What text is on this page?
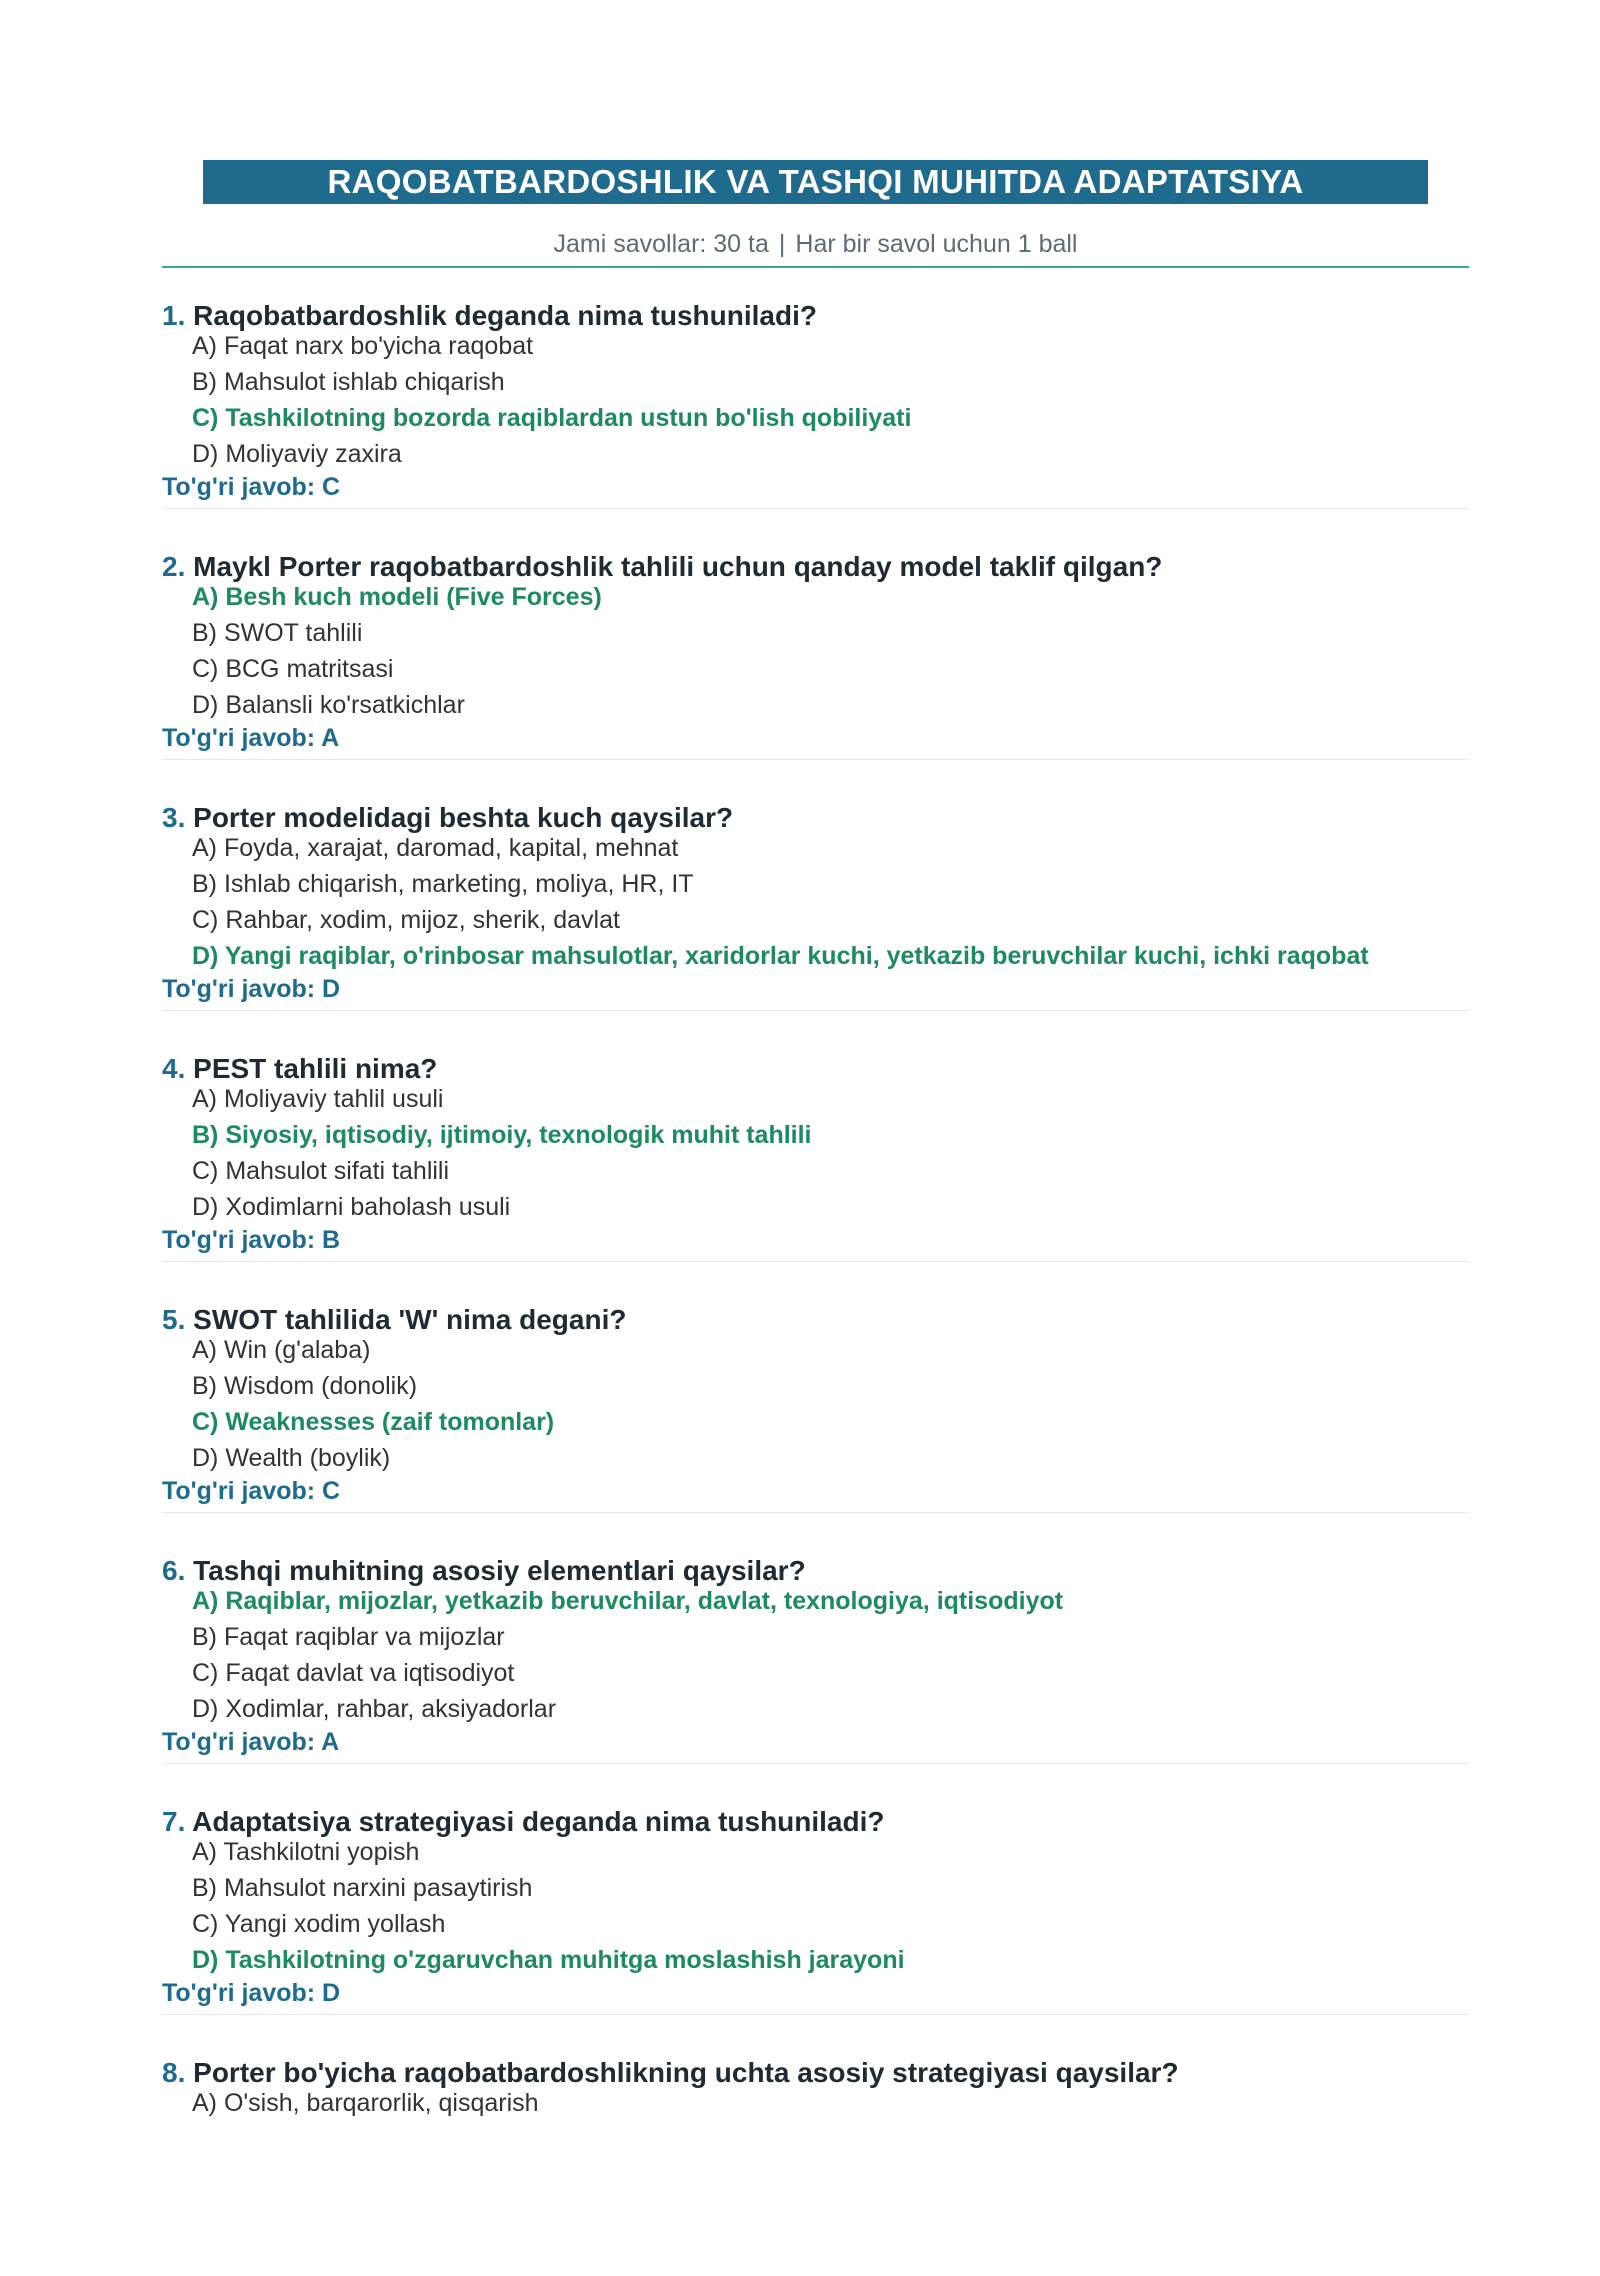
RAQOBATBARDOSHLIK VA TASHQI MUHITDA ADAPTATSIYA
Jami savollar: 30 ta | Har bir savol uchun 1 ball
1. Raqobatbardoshlik deganda nima tushuniladi?
A) Faqat narx bo'yicha raqobat
B) Mahsulot ishlab chiqarish
C) Tashkilotning bozorda raqiblardan ustun bo'lish qobiliyati
D) Moliyaviy zaxira
To'g'ri javob: C
2. Maykl Porter raqobatbardoshlik tahlili uchun qanday model taklif qilgan?
A) Besh kuch modeli (Five Forces)
B) SWOT tahlili
C) BCG matritsasi
D) Balansli ko'rsatkichlar
To'g'ri javob: A
3. Porter modelidagi beshta kuch qaysilar?
A) Foyda, xarajat, daromad, kapital, mehnat
B) Ishlab chiqarish, marketing, moliya, HR, IT
C) Rahbar, xodim, mijoz, sherik, davlat
D) Yangi raqiblar, o'rinbosar mahsulotlar, xaridorlar kuchi, yetkazib beruvchilar kuchi, ichki raqobat
To'g'ri javob: D
4. PEST tahlili nima?
A) Moliyaviy tahlil usuli
B) Siyosiy, iqtisodiy, ijtimoiy, texnologik muhit tahlili
C) Mahsulot sifati tahlili
D) Xodimlarni baholash usuli
To'g'ri javob: B
5. SWOT tahlilida 'W' nima degani?
A) Win (g'alaba)
B) Wisdom (donolik)
C) Weaknesses (zaif tomonlar)
D) Wealth (boylik)
To'g'ri javob: C
6. Tashqi muhitning asosiy elementlari qaysilar?
A) Raqiblar, mijozlar, yetkazib beruvchilar, davlat, texnologiya, iqtisodiyot
B) Faqat raqiblar va mijozlar
C) Faqat davlat va iqtisodiyot
D) Xodimlar, rahbar, aksiyadorlar
To'g'ri javob: A
7. Adaptatsiya strategiyasi deganda nima tushuniladi?
A) Tashkilotni yopish
B) Mahsulot narxini pasaytirish
C) Yangi xodim yollash
D) Tashkilotning o'zgaruvchan muhitga moslashish jarayoni
To'g'ri javob: D
8. Porter bo'yicha raqobatbardoshlikning uchta asosiy strategiyasi qaysilar?
A) O'sish, barqarorlik, qisqarish
